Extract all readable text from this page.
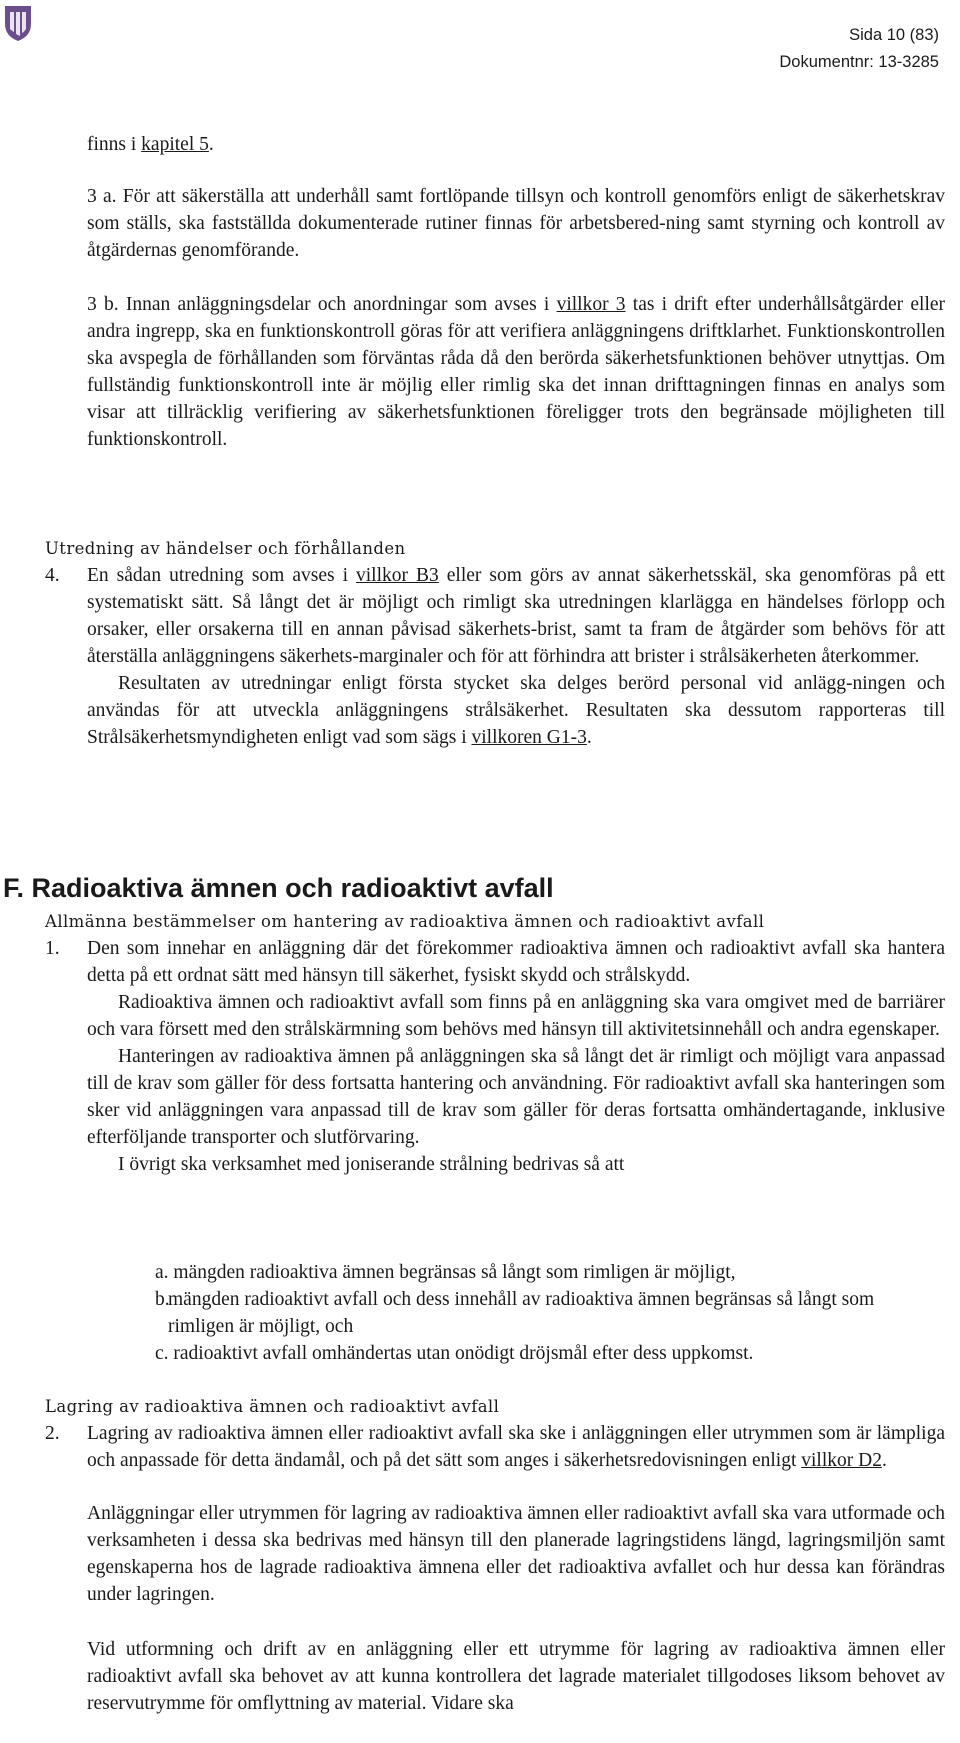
Sida 10 (83)
Dokumentnr: 13-3285

finns i kapitel 5.

3 a. För att säkerställa att underhåll samt fortlöpande tillsyn och kontroll genomförs enligt de säkerhetskrav som ställs, ska fastställda dokumenterade rutiner finnas för arbetsbered-ning samt styrning och kontroll av åtgärdernas genomförande.

3 b. Innan anläggningsdelar och anordningar som avses i villkor 3 tas i drift efter underhållsåtgärder eller andra ingrepp, ska en funktionskontroll göras för att verifiera anläggningens driftklarhet. Funktionskontrollen ska avspegla de förhållanden som förväntas råda då den berörda säkerhetsfunktionen behöver utnyttjas. Om fullständig funktionskontroll inte är möjlig eller rimlig ska det innan drifttagningen finnas en analys som visar att tillräcklig verifiering av säkerhetsfunktionen föreligger trots den begränsade möjligheten till funktionskontroll.

Utredning av händelser och förhållanden
4. En sådan utredning som avses i villkor B3 eller som görs av annat säkerhetsskäl, ska genomföras på ett systematiskt sätt. Så långt det är möjligt och rimligt ska utredningen klarlägga en händelses förlopp och orsaker, eller orsakerna till en annan påvisad säkerhets-brist, samt ta fram de åtgärder som behövs för att återställa anläggningens säkerhets-marginaler och för att förhindra att brister i strålsäkerheten återkommer.

Resultaten av utredningar enligt första stycket ska delges berörd personal vid anlägg-ningen och användas för att utveckla anläggningens strålsäkerhet. Resultaten ska dessutom rapporteras till Strålsäkerhetsmyndigheten enligt vad som sägs i villkoren G1-3.

F. Radioaktiva ämnen och radioaktivt avfall
Allmänna bestämmelser om hantering av radioaktiva ämnen och radioaktivt avfall
1. Den som innehar en anläggning där det förekommer radioaktiva ämnen och radioaktivt avfall ska hantera detta på ett ordnat sätt med hänsyn till säkerhet, fysiskt skydd och strålskydd.

Radioaktiva ämnen och radioaktivt avfall som finns på en anläggning ska vara omgivet med de barriärer och vara försett med den strålskärmning som behövs med hänsyn till aktivitetsinnehåll och andra egenskaper.

Hanteringen av radioaktiva ämnen på anläggningen ska så långt det är rimligt och möjligt vara anpassad till de krav som gäller för dess fortsatta hantering och användning. För radioaktivt avfall ska hanteringen som sker vid anläggningen vara anpassad till de krav som gäller för deras fortsatta omhändertagande, inklusive efterföljande transporter och slutförvaring.

I övrigt ska verksamhet med joniserande strålning bedrivas så att

a. mängden radioaktiva ämnen begränsas så långt som rimligen är möjligt,
b.
mängden radioaktivt avfall och dess innehåll av radioaktiva ämnen begränsas så långt som rimligen är möjligt, och
c. radioaktivt avfall omhändertas utan onödigt dröjsmål efter dess uppkomst.
Lagring av radioaktiva ämnen och radioaktivt avfall
2. Lagring av radioaktiva ämnen eller radioaktivt avfall ska ske i anläggningen eller utrymmen som är lämpliga och anpassade för detta ändamål, och på det sätt som anges i säkerhetsredovisningen enligt villkor D2.

Anläggningar eller utrymmen för lagring av radioaktiva ämnen eller radioaktivt avfall ska vara utformade och verksamheten i dessa ska bedrivas med hänsyn till den planerade lagringstidens längd, lagringsmiljön samt egenskaperna hos de lagrade radioaktiva ämnena eller det radioaktiva avfallet och hur dessa kan förändras under lagringen.

Vid utformning och drift av en anläggning eller ett utrymme för lagring av radioaktiva ämnen eller radioaktivt avfall ska behovet av att kunna kontrollera det lagrade materialet tillgodoses liksom behovet av reservutrymme för omflyttning av material. Vidare ska
